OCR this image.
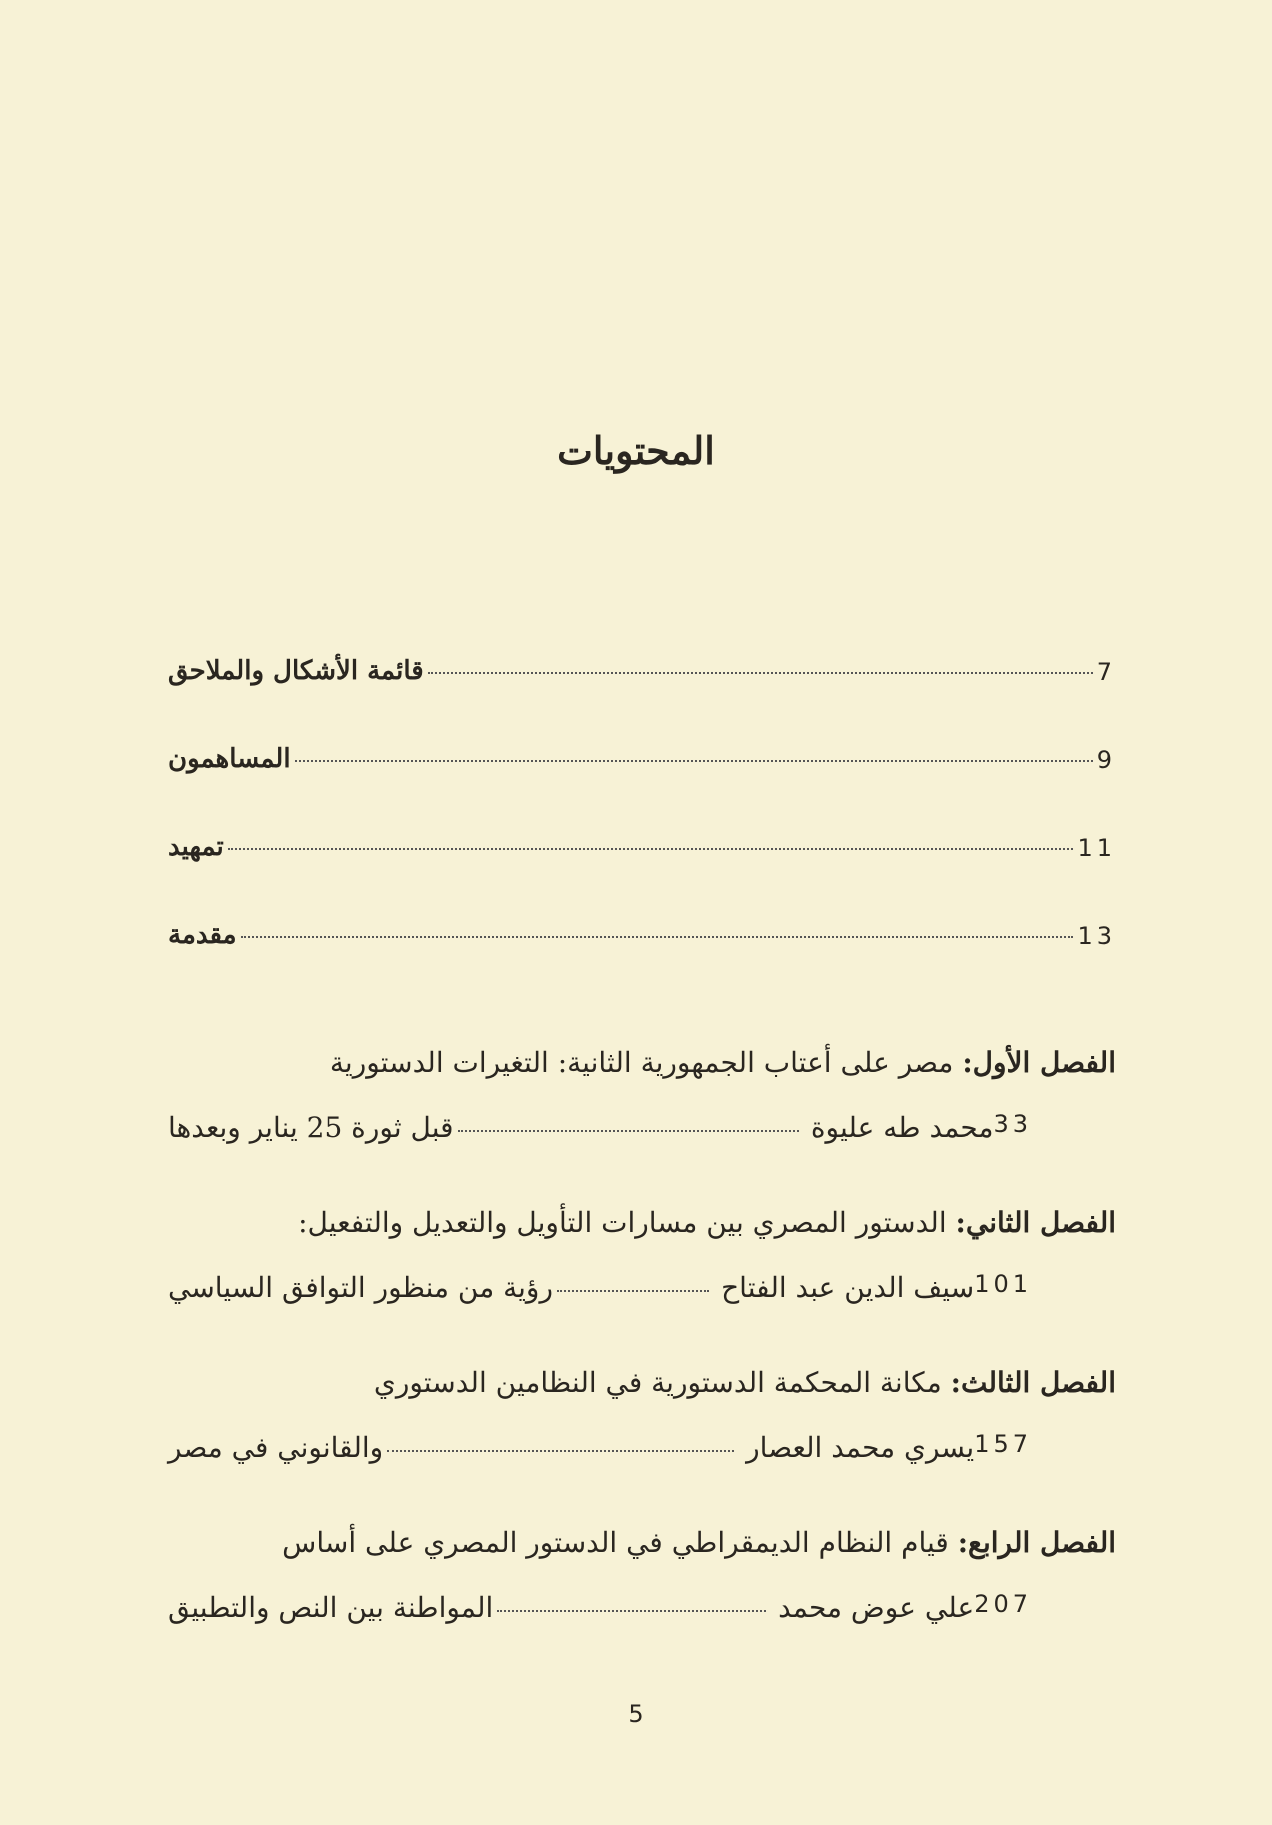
المحتويات
قائمة الأشكال والملاحق	7
المساهمون	9
تمهيد	11
مقدمة	13
الفصل الأول: مصر على أعتاب الجمهورية الثانية: التغيرات الدستورية
قبل ثورة 25 يناير وبعدها	محمد طه عليوة 33
الفصل الثاني: الدستور المصري بين مسارات التأويل والتعديل والتفعيل:
رؤية من منظور التوافق السياسي	سيف الدين عبد الفتاح 101
الفصل الثالث: مكانة المحكمة الدستورية في النظامين الدستوري
والقانوني في مصر	يسري محمد العصار 157
الفصل الرابع: قيام النظام الديمقراطي في الدستور المصري على أساس
المواطنة بين النص والتطبيق	علي عوض محمد 207
5
